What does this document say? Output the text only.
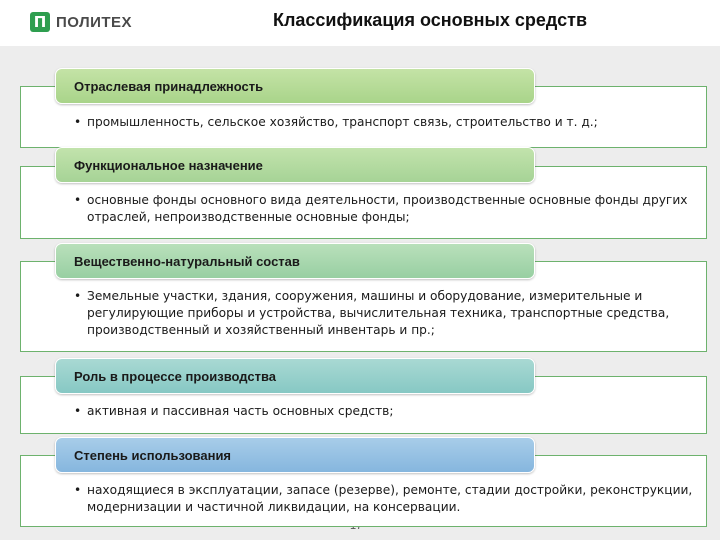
П ПОЛИТЕХ	Классификация основных средств
Отраслевая принадлежность
• промышленность, сельское хозяйство, транспорт связь, строительство и т. д.;
Функциональное назначение
• основные фонды основного вида деятельности, производственные основные фонды других отраслей, непроизводственные основные фонды;
Вещественно-натуральный состав
• Земельные участки, здания, сооружения, машины и оборудование, измерительные и регулирующие приборы и устройства, вычислительная техника, транспортные средства, производственный и хозяйственный инвентарь и пр.;
Роль в процессе производства
• активная и пассивная часть основных средств;
Степень использования
• находящиеся в эксплуатации, запасе (резерве), ремонте, стадии достройки, реконструкции, модернизации и частичной ликвидации, на консервации.
